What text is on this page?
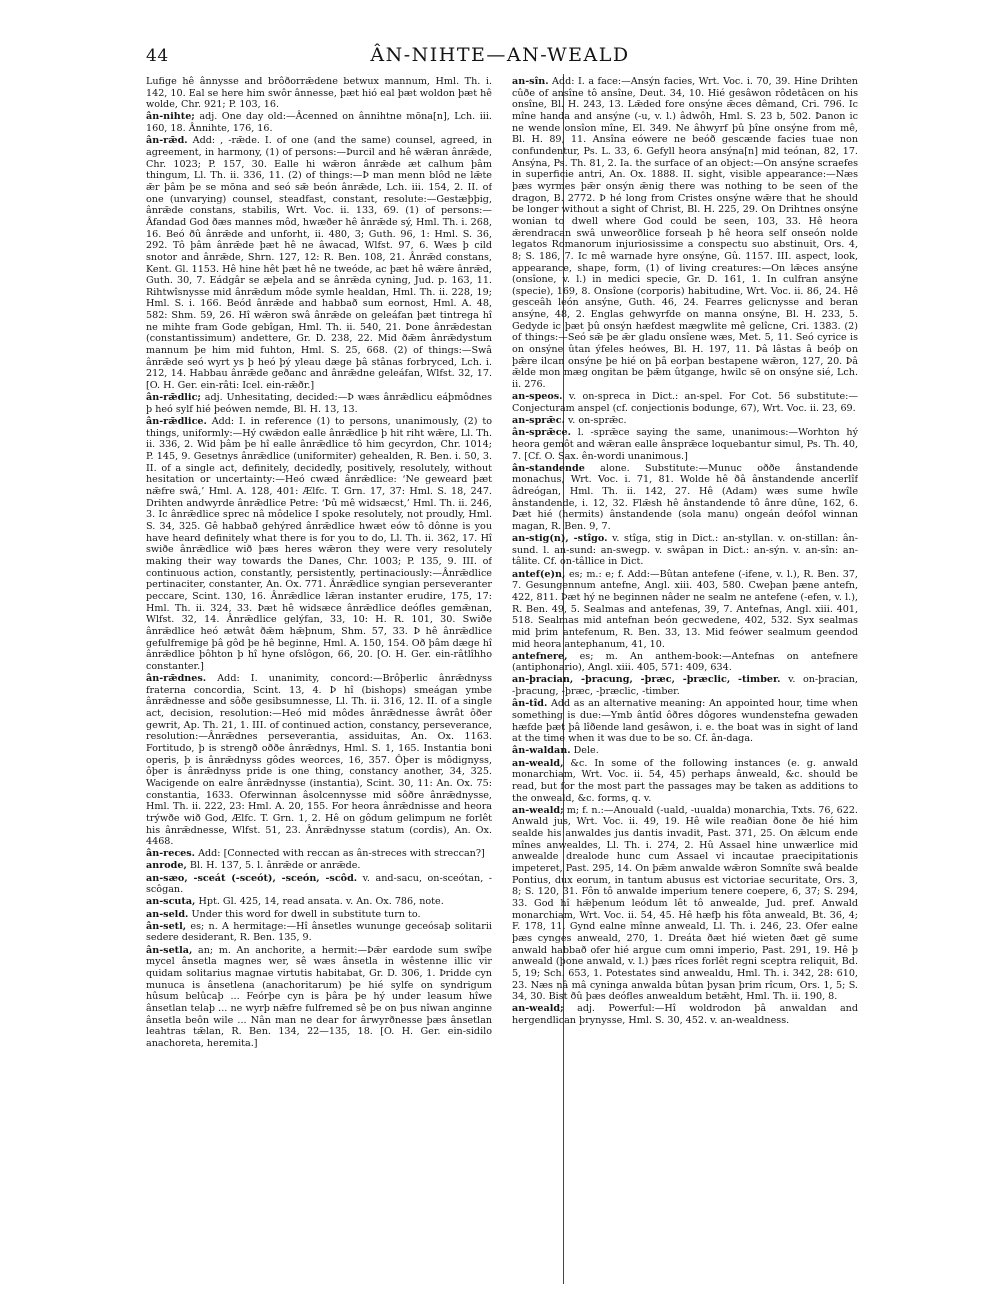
44	ÂN-NIHTE—AN-WEALD

Lufige hê ânnysse and brôðorrǣdene betwux mannum, Hml. Th. i. 142, 10. Eal se here him swôr ânnesse, þæt hió eal þæt woldon þæt hê wolde, Chr. 921; P. 103, 16.

ân-nihte; adj. One day old:—Âcenned on ânnihtne mōna[n], Lch. iii. 160, 18. Ânnihte, 176, 16.

ân-rǣd. Add: , -rǣde. I. of one (and the same) counsel, agreed, in agreement, in harmony, (1) of persons:—Þurcil and hê wǣran ânrǣde, Chr. 1023; P. 157, 30. Ealle hi wǣron ânrǣde æt calhum þâm thingum, Ll. Th. ii. 336, 11. (2) of things:—Þ man menn blôd ne lǣte ǣr þâm þe se mōna and seó sǣ beón ânrǣde, Lch. iii. 154, 2. II. of one (unvarying) counsel, steadfast, constant, resolute:—Gestæþþig, ânrǣde constans, stabilis, Wrt. Voc. ii. 133, 69. (1) of persons:—Âfandad God ðæs mannes môd, hwæðer hê ânrǣde sý, Hml. Th. i. 268, 16. Beó ðû ânrǣde and unforht, ii. 480, 3; Guth. 96, 1: Hml. S. 36, 292. Tô þâm ânrǣde þæt hê ne âwacad, Wlfst. 97, 6. Wæs þ cild snotor and ânrǣde, Shrn. 127, 12: R. Ben. 108, 21. Ânrǣd constans, Kent. Gl. 1153. Hê hine hêt þæt hê ne tweóde, ac þæt hê wǣre ânrǣd, Guth. 30, 7. Eádgâr se æþela and se ânrǣda cyning, Jud. p. 163, 11. Rihtwîsnysse mid ânrǣdum môde symle healdan, Hml. Th. ii. 228, 19; Hml. S. i. 166. Beód ânrǣde and habbað sum eornost, Hml. A. 48, 582: Shm. 59, 26. Hî wǣron swâ ânrǣde on geleáfan þæt tintrega hî ne mihte fram Gode gebîgan, Hml. Th. ii. 540, 21. Þone ânrǣdestan (constantissimum) andettere, Gr. D. 238, 22. Mid ðǣm ânrǣdystum mannum þe him mid fuhton, Hml. S. 25, 668. (2) of things:—Swâ ânrǣde seó wyrt ys þ heó þý yleau dæge þâ stânas forbryced, Lch. i. 212, 14. Habbau ânrǣde geðanc and ânrǣdne geleáfan, Wlfst. 32, 17. [O. H. Ger. ein-râti: Icel. ein-rǣðr.]

ân-rǣdlic; adj. Unhesitating, decided:—Þ wæs ânrǣdlicu eáþmôdnes þ heó sylf hié þeówen nemde, Bl. H. 13, 13.

ân-rǣdlice. Add: I. in reference (1) to persons, unanimously, (2) to things, uniformly:—Hý cwǣdon ealle ânrǣdlice þ hit riht wǣre, Ll. Th. ii. 336, 2. Wid þâm þe hî ealle ânrǣdlice tô him gecyrdon, Chr. 1014; P. 145, 9. Gesetnys ânrǣdlice (uniformiter) gehealden, R. Ben. i. 50, 3. II. of a single act, definitely, decidedly, positively, resolutely, without hesitation or uncertainty:—Heó cwæd ânrǣdlice: ‘Ne geweard þæt nǣfre swâ,’ Hml. A. 128, 401: Ælfc. T. Grn. 17, 37: Hml. S. 18, 247. Drihten andwyrde ânrǣdlice Petre: ‘Þû mê widsæcst,’ Hml. Th. ii. 246, 3. Ic ânrǣdlice sprec nâ môdelice I spoke resolutely, not proudly, Hml. S. 34, 325. Gê habbað gehýred ânrǣdlice hwæt eów tô dônne is you have heard definitely what there is for you to do, Ll. Th. ii. 362, 17. Hî swiðe ânrǣdlice wið þæs heres wǣron they were very resolutely making their way towards the Danes, Chr. 1003; P. 135, 9. III. of continuous action, constantly, persistently, pertinaciously:—Ânrǣdlice pertinaciter, constanter, An. Ox. 771. Ânrǣdlice syngian perseveranter peccare, Scint. 130, 16. Ânrǣdlice lǣran instanter erudire, 175, 17: Hml. Th. ii. 324, 33. Þæt hê widsæce ânrǣdlice deófles gemǣnan, Wlfst. 32, 14. Ânrǣdlice gelýfan, 33, 10: H. R. 101, 30. Swiðe ânrǣdlice heó ætwât ðǣm hǣþnum, Shm. 57, 33. Þ hê ânrǣdlice gefulfremige þâ gôd þe hê beginne, Hml. A. 150, 154. Oð þâm dæge hî ânrǣdlice þôhton þ hî hyne ofslôgon, 66, 20. [O. H. Ger. ein-râtlîhho constanter.]

ân-rǣdnes. Add: I. unanimity, concord:—Brôþerlic ânrǣdnyss fraterna concordia, Scint. 13, 4. Þ hî (bishops) smeágan ymbe ânrǣdnesse and sôðe gesibsumnesse, Ll. Th. ii. 316, 12. II. of a single act, decision, resolution:—Heó mid môdes ânrǣdnesse âwrât ôðer gewrit, Ap. Th. 21, 1. III. of continued action, constancy, perseverance, resolution:—Ânrǣdnes perseverantia, assiduitas, An. Ox. 1163. Fortitudo, þ is strengð oððe ânrǣdnys, Hml. S. 1, 165. Instantia boni operis, þ is ânrǣdnyss gôdes weorces, 16, 357. Ôþer is môdignyss, ôþer is ânrǣdnyss pride is one thing, constancy another, 34, 325. Wacigende on ealre ânrǣdnysse (instantia), Scint. 30, 11: An. Ox. 75: constantia, 1633. Oferwinnan âsolcennysse mid sôðre ânrǣdnysse, Hml. Th. ii. 222, 23: Hml. A. 20, 155. For heora ânrǣdnisse and heora trýwðe wið God, Ælfc. T. Grn. 1, 2. Hê on gôdum gelimpum ne forlêt his ânrǣdnesse, Wlfst. 51, 23. Ânrǣdnysse statum (cordis), An. Ox. 4468.

ân-reces. Add: [Connected with reccan as ân-streces with streccan?]

anrode, Bl. H. 137, 5. l. ânrǣde or anrǣde.

an-sæo, -sceát (-sceót), -sceón, -scôd. v. and-sacu, on-sceótan, -scôgan.

an-scuta, Hpt. Gl. 425, 14, read ansata. v. An. Ox. 786, note.

an-seld. Under this word for dwell in substitute turn to.

ân-setl, es; n. A hermitage:—Hî ânsetles wununge geceósaþ solitarii sedere desiderant, R. Ben. 135, 9.

ân-setla, an; m. An anchorite, a hermit:—Þǣr eardode sum swîþe mycel ânsetla magnes wer, sê wæs ânsetla in wêstenne illic vir quidam solitarius magnae virtutis habitabat, Gr. D. 306, 1. Þridde cyn munuca is ânsetlena (anachoritarum) þe hié sylfe on syndrigum hûsum belûcaþ ... Feórþe cyn is þâra þe hý under leasum hîwe ânsetlan telaþ ... ne wyrþ nǣfre fulfremed sê þe on þus nîwan anginne ânsetla beôn wile ... Nân man ne dear for ârwyrðnesse þæs ânsetlan leahtras tǣlan, R. Ben. 134, 22—135, 18. [O. H. Ger. ein-sidilo anachoreta, heremita.]

an-sîn. Add: I. a face:—Ansýn facies, Wrt. Voc. i. 70, 39. Hine Drihten cûðe of ansîne tô ansîne, Deut. 34, 10. Hié gesâwon rôdetâcen on his onsîne, Bl. H. 243, 13. Lǣded fore onsýne ǣces dêmand, Cri. 796. Ic mîne handa and ansýne (-u, v. l.) âdwôh, Hml. S. 23 b, 502. Þanon ic ne wende onsîon mîne, El. 349. Ne âhwyrf þû þîne onsýne from mê, Bl. H. 89, 11. Ansîna eówere ne beóð gescænde facies tuae non confundentur, Ps. L. 33, 6. Gefyll heora ansýna[n] mid teónan, 82, 17. Ansýna, Ps. Th. 81, 2. Ia. the surface of an object:—On ansýne scraefes in superficie antri, An. Ox. 1888. II. sight, visible appearance:—Næs þæs wyrmes þǣr onsýn ǣnig there was nothing to be seen of the dragon, B. 2772. Þ hé long from Cristes onsýne wǣre that he should be longer without a sight of Christ, Bl. H. 225, 29. On Drihtnes onsýne wonian to dwell where God could be seen, 103, 33. Hê heora ǣrendracan swâ unweorðlice forseah þ hê heora self onseón nolde legatos Romanorum injuriosissime a conspectu suo abstinuit, Ors. 4, 8; S. 186, 7. Ic mê warnade hyre onsýne, Gû. 1157. III. aspect, look, appearance, shape, form, (1) of living creatures:—On lǣces ansýne (onsîone, v. l.) in medici specie, Gr. D. 161, 1. In culfran ansýne (specie), 169, 8. Onsîone (corporis) habitudine, Wrt. Voc. ii. 86, 24. Hê gesceâh león ansýne, Guth. 46, 24. Fearres gelicnysse and beran ansýne, 48, 2. Englas gehwyrfde on manna onsýne, Bl. H. 233, 5. Gedyde ic þæt þû onsýn hæfdest mægwlite mê gelîcne, Cri. 1383. (2) of things:—Seó sǣ þe ǣr gladu onsîene wæs, Met. 5, 11. Seó cyrice is on onsýne ûtan ýfeles heówes, Bl. H. 197, 11. Þâ lâstas â beóþ on þǣre ilcan onsýne þe hié on þâ eorþan bestapene wǣron, 127, 20. Þâ ǣlde mon mæg ongitan be þǣm ûtgange, hwilc sē on onsýne sié, Lch. ii. 276.

an-speos. v. on-spreca in Dict.: an-spel. For Cot. 56 substitute:—Conjecturam anspel (cf. conjectionis bodunge, 67), Wrt. Voc. ii. 23, 69.

an-sprǣc. v. on-sprǣc.

ân-sprǣce. l. -sprǣce saying the same, unanimous:—Worhton hý heora gemôt and wǣran ealle ânsprǣce loquebantur simul, Ps. Th. 40, 7. [Cf. O. Sax. ên-wordi unanimous.]

ân-standende alone. Substitute:—Munuc oððe ânstandende monachus, Wrt. Voc. i. 71, 81. Wolde hê ðâ ânstandende ancerlîf âdreógan, Hml. Th. ii. 142, 27. Hê (Adam) wæs sume hwîle ânstandende, i. 12, 32. Flǣsh hê ânstandende tô ânre dûne, 162, 6. Þæt hié (hermits) ânstandende (sola manu) ongeán deófol winnan magan, R. Ben. 9, 7.

an-stig(n), -stîgo. v. stîga, stig in Dict.: an-styllan. v. on-stillan: ân-sund. l. an-sund: an-swegp. v. swâpan in Dict.: an-sýn. v. an-sîn: an-tâlite. Cf. on-tâllice in Dict.

antef(e)n, es; m.: e; f. Add:—Bûtan antefene (-ifene, v. l.), R. Ben. 37, 7. Gesungennum antefne, Angl. xiii. 403, 580. Cweþan þæne antefn, 422, 811. Þæt hý ne beginnen nâder ne sealm ne antefene (-efen, v. l.), R. Ben. 49, 5. Sealmas and antefenas, 39, 7. Antefnas, Angl. xiii. 401, 518. Sealmas mid antefnan beón gecwedene, 402, 532. Syx sealmas mid þrim antefenum, R. Ben. 33, 13. Mid feówer sealmum geendod mid heora antephanum, 41, 10.

antefnere, es; m. An anthem-book:—Antefnas on antefnere (antiphonario), Angl. xiii. 405, 571: 409, 634.

an-þracian, -þracung, -þræc, -þræclic, -timber. v. on-þracian, -þracung, -þræc, -þræclic, -timber.

ân-tîd. Add as an alternative meaning: An appointed hour, time when something is due:—Ymb ântîd ôðres dôgores wundenstefna gewaden hæfde þæt þâ lîðende land gesâwon, i. e. the boat was in sight of land at the time when it was due to be so. Cf. ân-daga.

ân-waldan. Dele.

an-weald, &c. In some of the following instances (e. g. anwald monarchiam, Wrt. Voc. ii. 54, 45) perhaps ânweald, &c. should be read, but for the most part the passages may be taken as additions to the onweald, &c. forms, q. v.

an-weald; m; f. n.:—Anouald (-uald, -uualda) monarchia, Txts. 76, 622. Anwald jus, Wrt. Voc. ii. 49, 19. Hê wile reaðian ðone ðe hié him sealde his anwaldes jus dantis invadit, Past. 371, 25. On ǣlcum ende mînes anwealdes, Ll. Th. i. 274, 2. Hû Assael hine unwærlice mid anwealde drealode hunc cum Assael vi incautae praecipitationis impeteret, Past. 295, 14. On þǣm anwalde wǣron Somnîte swâ bealde Pontius, dux eorum, in tantum abusus est victoriae securitate, Ors. 3, 8; S. 120, 31. Fôn tô anwalde imperium tenere coepere, 6, 37; S. 294, 33. God hî hǣþenum leódum lêt tô anwealde, Jud. pref. Anwald monarchiam, Wrt. Voc. ii. 54, 45. Hê hæfþ his fôta anweald, Bt. 36, 4; F. 178, 11. Gynd ealne mînne anweald, Ll. Th. i. 246, 23. Ofer ealne þæs cynges anweald, 270, 1. Dreáta ðæt hié wieten ðæt gē sume anwald habbað ofer hié argue cum omni imperio, Past. 291, 19. Hê þ anweald (þone anwald, v. l.) þæs rîces forlêt regni sceptra reliquit, Bd. 5, 19; Sch. 653, 1. Potestates sind anwealdu, Hml. Th. i. 342, 28: 610, 23. Næs nâ mâ cyninga anwalda bûtan þysan þrim rîcum, Ors. 1, 5; S. 34, 30. Bist ðû þæs deófles anwealdum betǣht, Hml. Th. ii. 190, 8.

an-weald; adj. Powerful:—Hî woldrodon þâ anwaldan and hergendlican þrynysse, Hml. S. 30, 452. v. an-wealdness.
